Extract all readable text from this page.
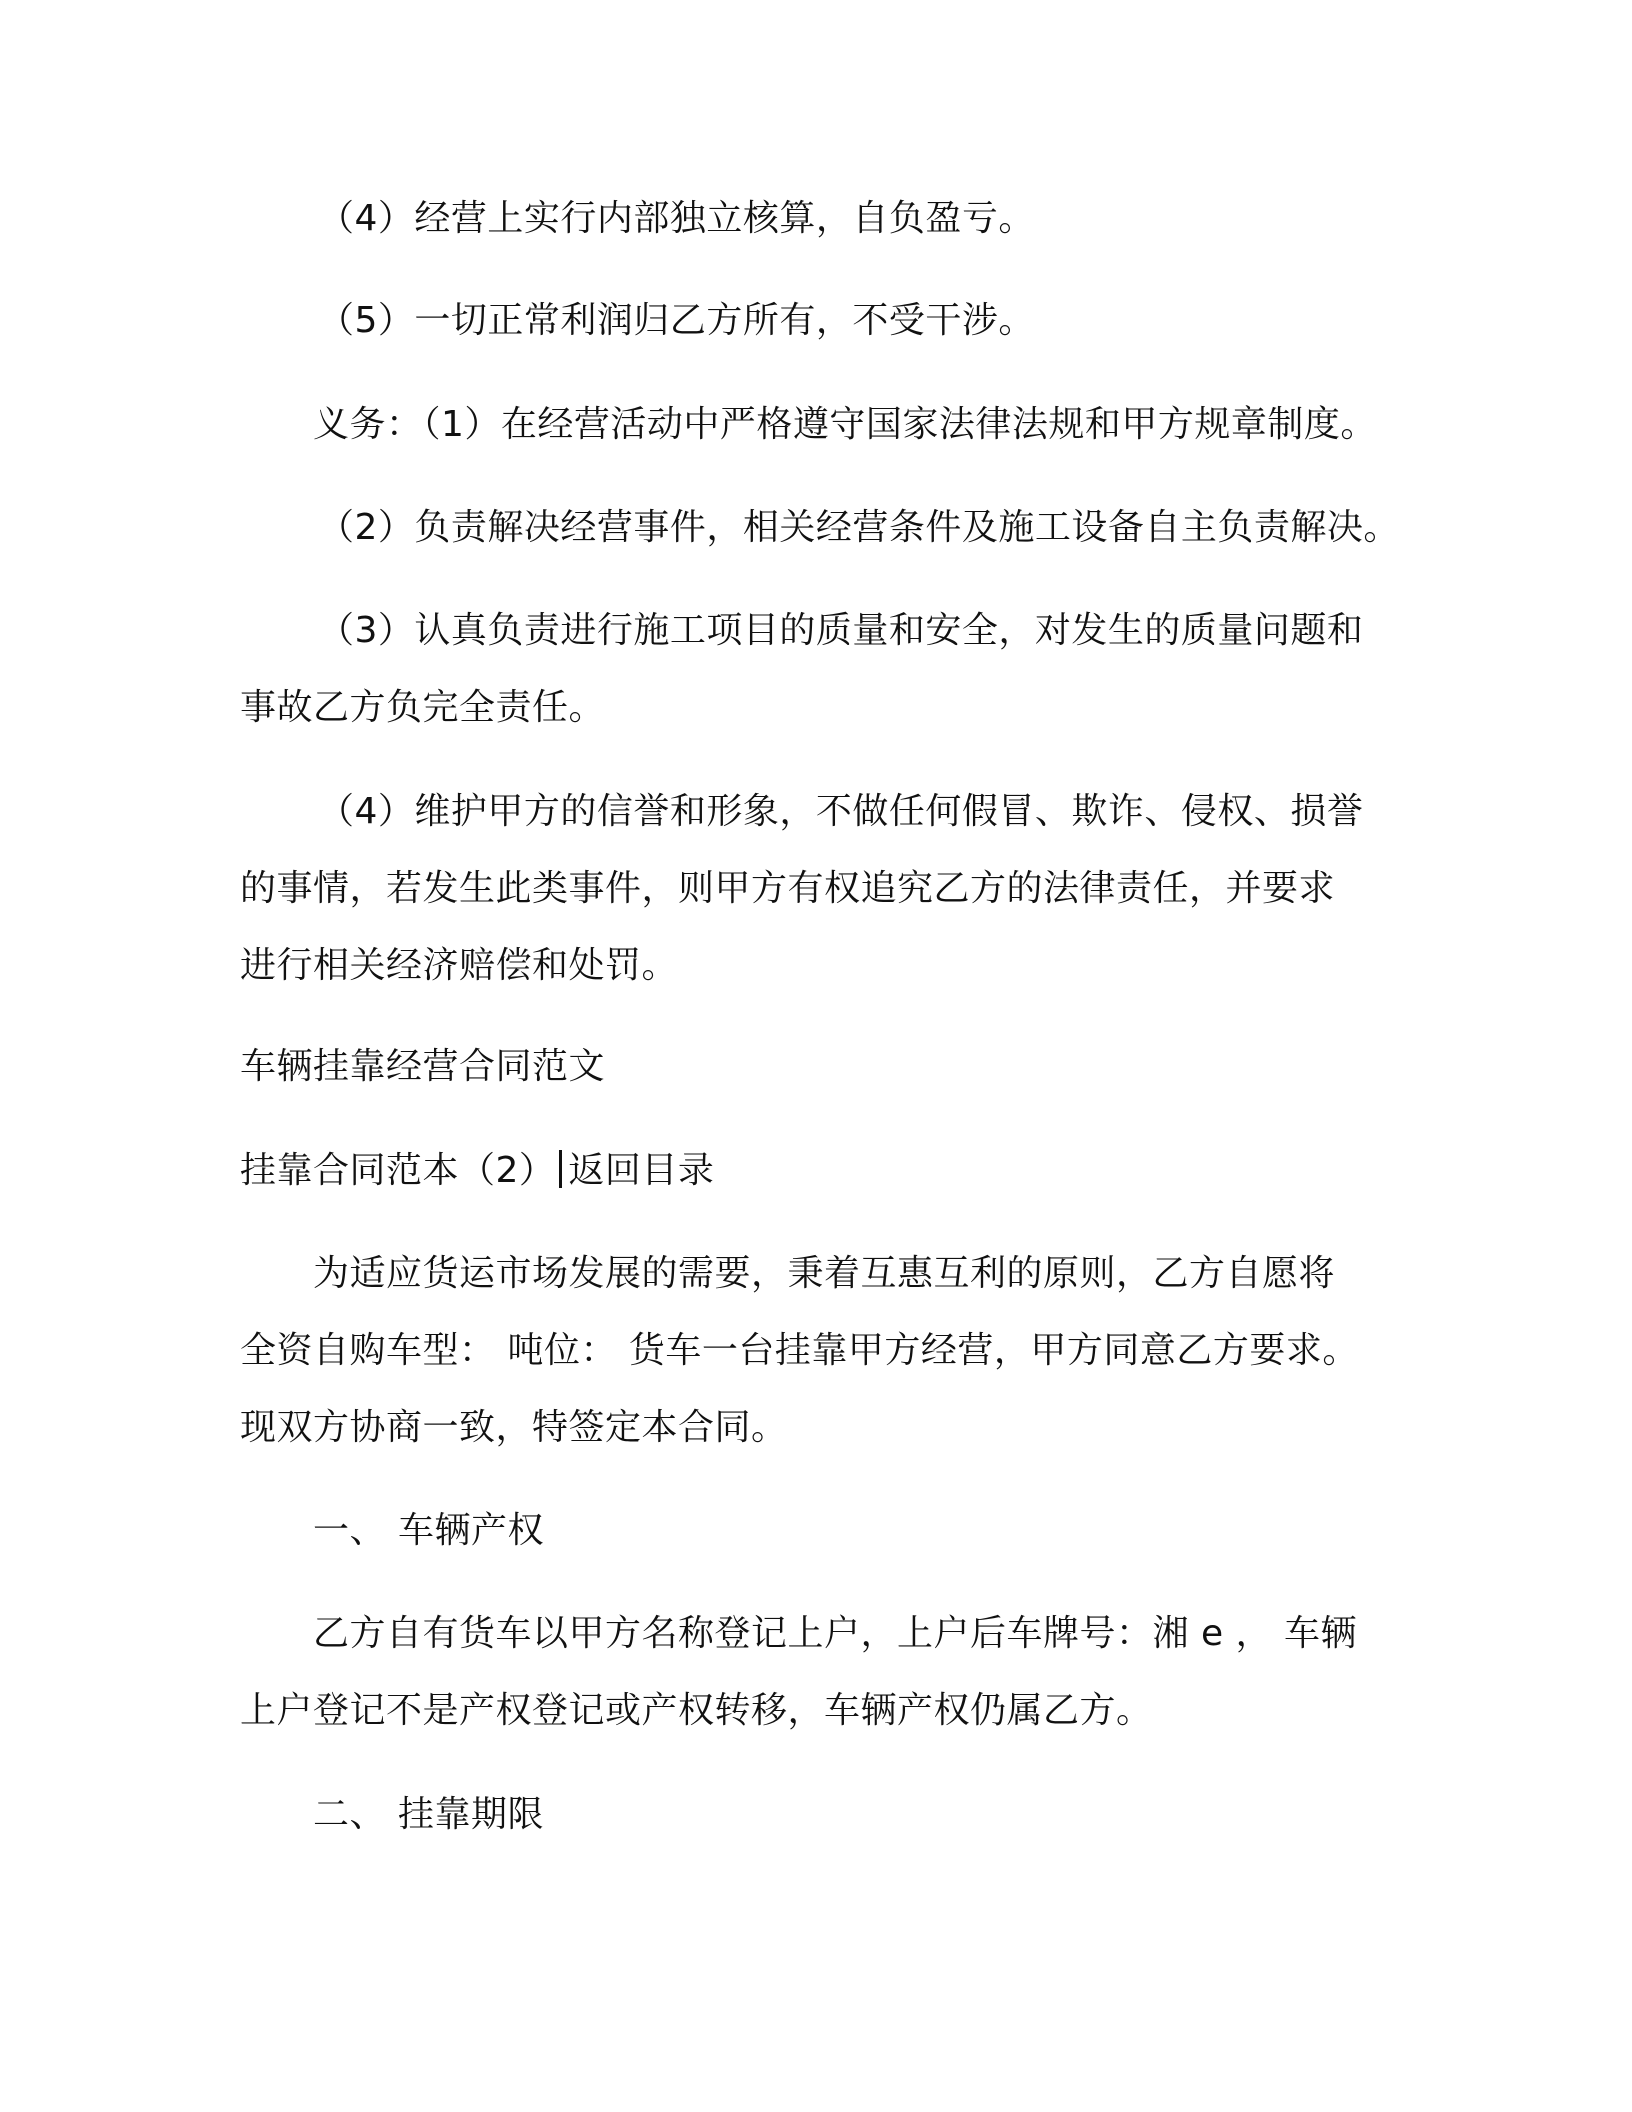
（4）经营上实行内部独立核算，自负盈亏。
（5）一切正常利润归乙方所有，不受干涉。
义务：（1）在经营活动中严格遵守国家法律法规和甲方规章制度。
（2）负责解决经营事件，相关经营条件及施工设备自主负责解决。
（3）认真负责进行施工项目的质量和安全，对发生的质量问题和
事故乙方负完全责任。
（4）维护甲方的信誉和形象，不做任何假冒、欺诈、侵权、损誉
的事情，若发生此类事件，则甲方有权追究乙方的法律责任，并要求
进行相关经济赔偿和处罚。
车辆挂靠经营合同范文
挂靠合同范本（2） 返回目录
为适应货运市场发展的需要，秉着互惠互利的原则，乙方自愿将
全资自购车型： 吨位： 货车一台挂靠甲方经营，甲方同意乙方要求。
现双方协商一致，特签定本合同。
一、 车辆产权
乙方自有货车以甲方名称登记上户，上户后车牌号：湘 e ， 车辆
上户登记不是产权登记或产权转移，车辆产权仍属乙方。
二、 挂靠期限
